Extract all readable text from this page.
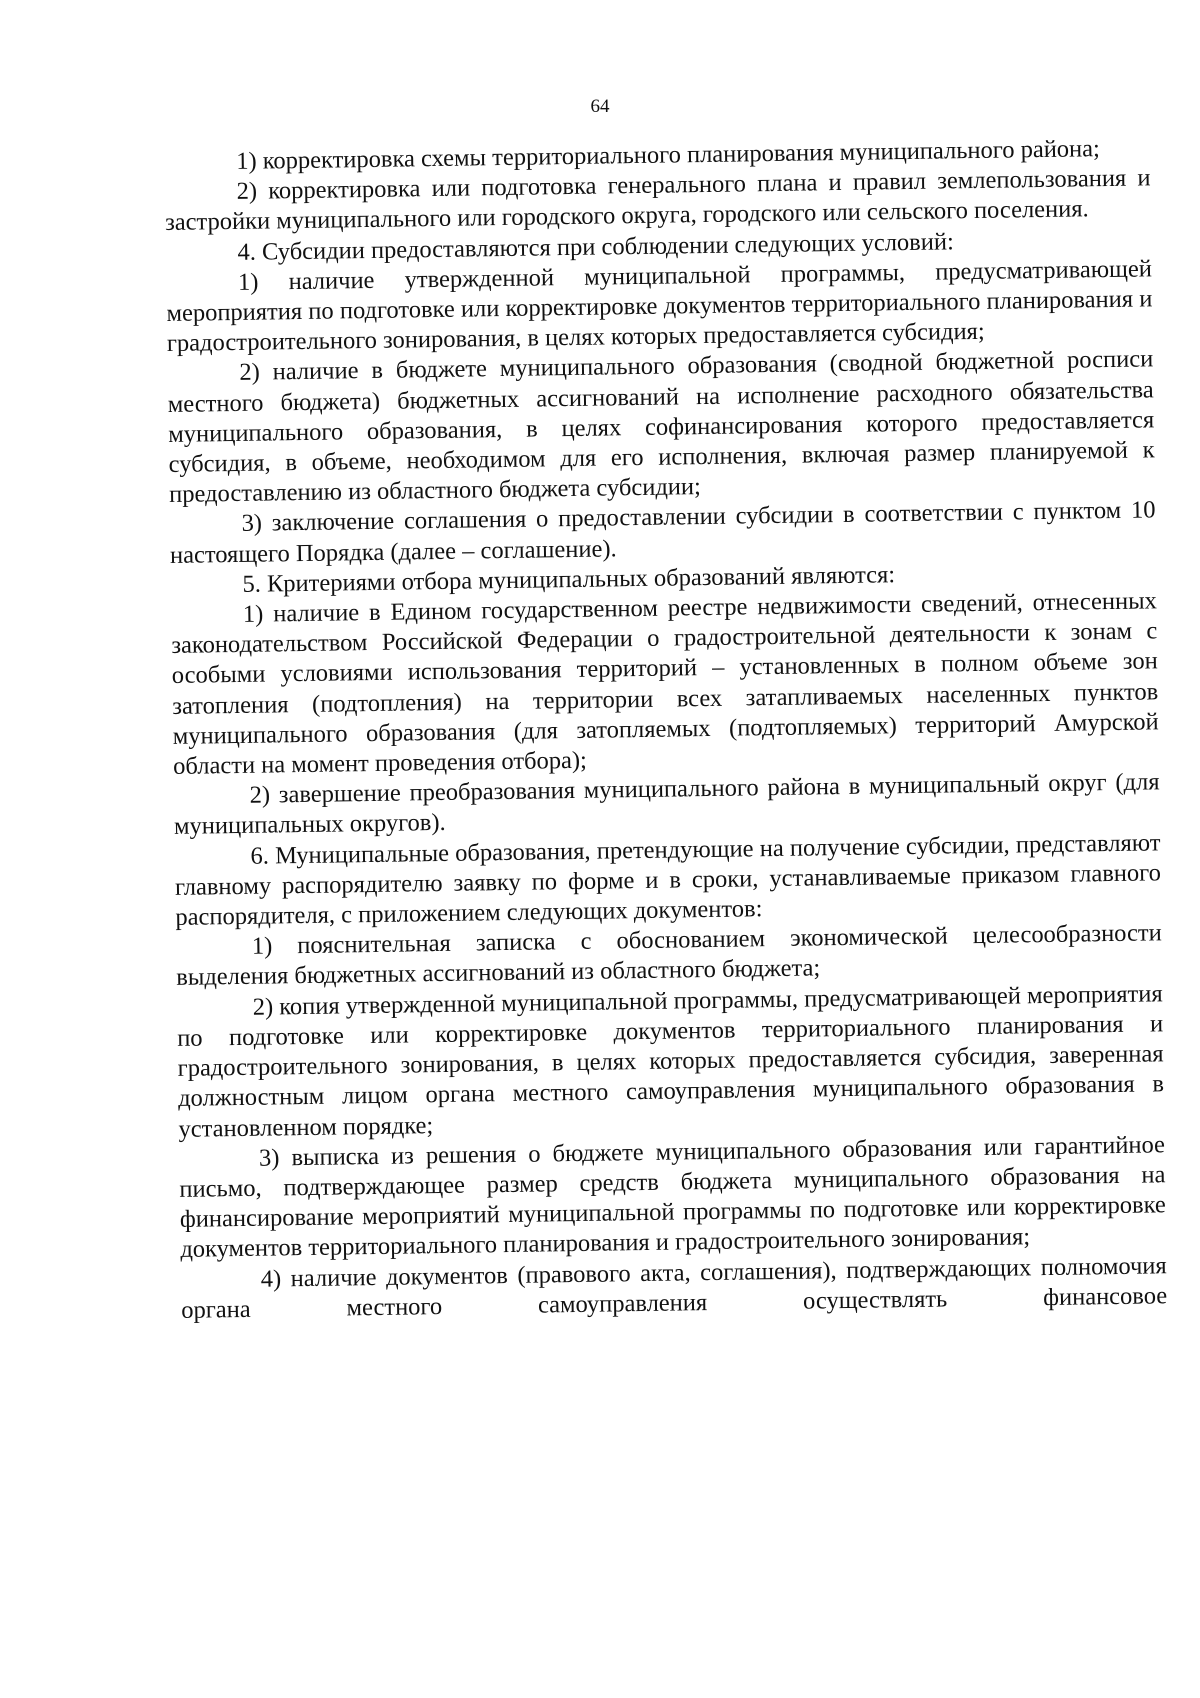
64

1) корректировка схемы территориального планирования муниципального района;

2) корректировка или подготовка генерального плана и правил землепользования и застройки муниципального или городского округа, городского или сельского поселения.

4. Субсидии предоставляются при соблюдении следующих условий:

1) наличие утвержденной муниципальной программы, предусматривающей мероприятия по подготовке или корректировке документов территориального планирования и градостроительного зонирования, в целях которых предоставляется субсидия;

2) наличие в бюджете муниципального образования (сводной бюджетной росписи местного бюджета) бюджетных ассигнований на исполнение расходного обязательства муниципального образования, в целях софинансирования которого предоставляется субсидия, в объеме, необходимом для его исполнения, включая размер планируемой к предоставлению из областного бюджета субсидии;

3) заключение соглашения о предоставлении субсидии в соответствии с пунктом 10 настоящего Порядка (далее – соглашение).

5. Критериями отбора муниципальных образований являются:

1) наличие в Едином государственном реестре недвижимости сведений, отнесенных законодательством Российской Федерации о градостроительной деятельности к зонам с особыми условиями использования территорий – установленных в полном объеме зон затопления (подтопления) на территории всех затапливаемых населенных пунктов муниципального образования (для затопляемых (подтопляемых) территорий Амурской области на момент проведения отбора);

2) завершение преобразования муниципального района в муниципальный округ (для муниципальных округов).

6. Муниципальные образования, претендующие на получение субсидии, представляют главному распорядителю заявку по форме и в сроки, устанавливаемые приказом главного распорядителя, с приложением следующих документов:

1) пояснительная записка с обоснованием экономической целесообразности выделения бюджетных ассигнований из областного бюджета;

2) копия утвержденной муниципальной программы, предусматривающей мероприятия по подготовке или корректировке документов территориального планирования и градостроительного зонирования, в целях которых предоставляется субсидия, заверенная должностным лицом органа местного самоуправления муниципального образования в установленном порядке;

3) выписка из решения о бюджете муниципального образования или гарантийное письмо, подтверждающее размер средств бюджета муниципального образования на финансирование мероприятий муниципальной программы по подготовке или корректировке документов территориального планирования и градостроительного зонирования;

4) наличие документов (правового акта, соглашения), подтверждающих полномочия органа местного самоуправления осуществлять финансовое
